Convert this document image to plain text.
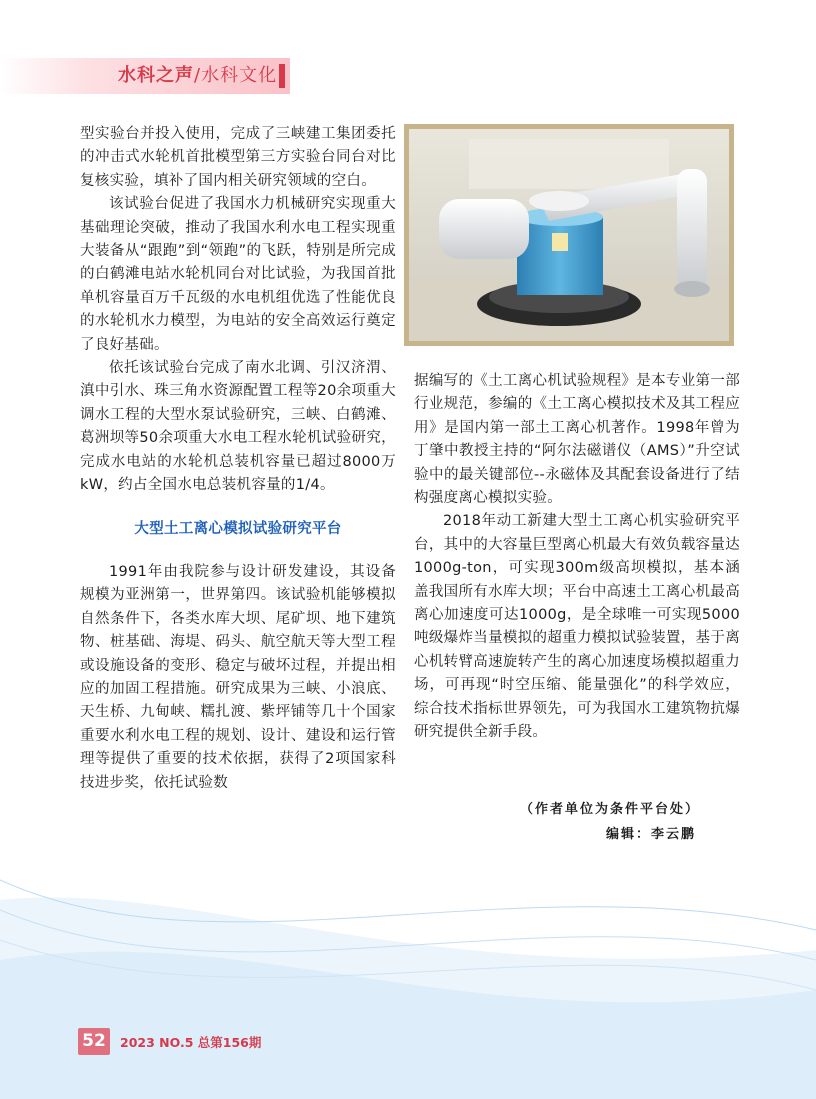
水科之声/水科文化

型实验台并投入使用，完成了三峡建工集团委托的冲击式水轮机首批模型第三方实验台同台对比复核实验，填补了国内相关研究领域的空白。

该试验台促进了我国水力机械研究实现重大基础理论突破，推动了我国水利水电工程实现重大装备从“跟跑”到“领跑”的飞跃，特别是所完成的白鹤滩电站水轮机同台对比试验，为我国首批单机容量百万千瓦级的水电机组优选了性能优良的水轮机水力模型，为电站的安全高效运行奠定了良好基础。

依托该试验台完成了南水北调、引汉济渭、滇中引水、珠三角水资源配置工程等20余项重大调水工程的大型水泵试验研究，三峡、白鹤滩、葛洲坝等50余项重大水电工程水轮机试验研究，完成水电站的水轮机总装机容量已超过8000万kW，约占全国水电总装机容量的1/4。

大型土工离心模拟试验研究平台

1991年由我院参与设计研发建设，其设备规模为亚洲第一，世界第四。该试验机能够模拟自然条件下，各类水库大坝、尾矿坝、地下建筑物、桩基础、海堤、码头、航空航天等大型工程或设施设备的变形、稳定与破坏过程，并提出相应的加固工程措施。研究成果为三峡、小浪底、天生桥、九甸峡、糯扎渡、紫坪铺等几十个国家重要水利水电工程的规划、设计、建设和运行管理等提供了重要的技术依据，获得了2项国家科技进步奖，依托试验数

据编写的《土工离心机试验规程》是本专业第一部行业规范，参编的《土工离心模拟技术及其工程应用》是国内第一部土工离心机著作。1998年曾为丁肇中教授主持的“阿尔法磁谱仪（AMS）”升空试验中的最关键部位--永磁体及其配套设备进行了结构强度离心模拟实验。

2018年动工新建大型土工离心机实验研究平台，其中的大容量巨型离心机最大有效负载容量达1000g-ton，可实现300m级高坝模拟，基本涵盖我国所有水库大坝；平台中高速土工离心机最高离心加速度可达1000g，是全球唯一可实现5000吨级爆炸当量模拟的超重力模拟试验装置，基于离心机转臂高速旋转产生的离心加速度场模拟超重力场，可再现“时空压缩、能量强化”的科学效应，综合技术指标世界领先，可为我国水工建筑物抗爆研究提供全新手段。

（作者单位为条件平台处）
编辑：李云鹏
52	2023 NO.5 总第156期
